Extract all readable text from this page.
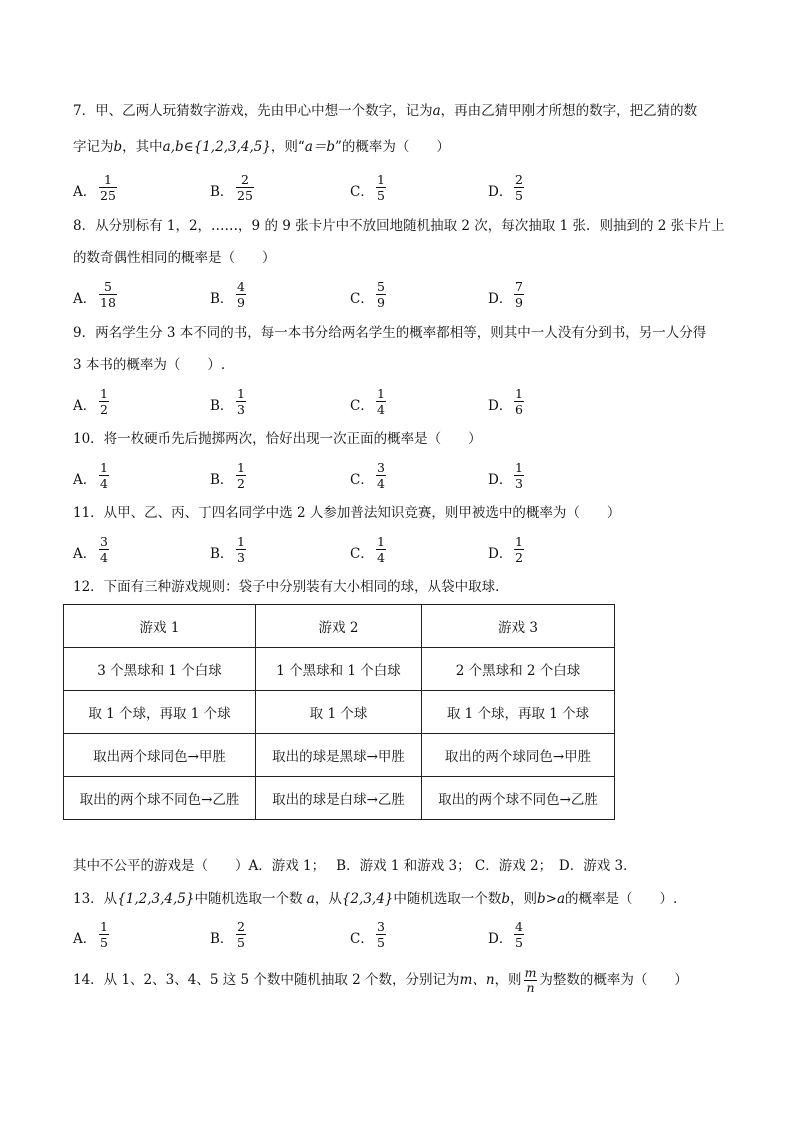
7．甲、乙两人玩猜数字游戏，先由甲心中想一个数字，记为a，再由乙猜甲刚才所想的数字，把乙猜的数
字记为b，其中a,b∈{1,2,3,4,5}，则“a＝b”的概率为（　　）
A． $\frac{1}{25}$	B． $\frac{2}{25}$	C． $\frac{1}{5}$	D． $\frac{2}{5}$
8．从分别标有 1，2，……，9 的 9 张卡片中不放回地随机抽取 2 次，每次抽取 1 张．则抽到的 2 张卡片上
的数奇偶性相同的概率是（　　）
A． $\frac{5}{18}$	B． $\frac{4}{9}$	C． $\frac{5}{9}$	D． $\frac{7}{9}$
9．两名学生分 3 本不同的书，每一本书分给两名学生的概率都相等，则其中一人没有分到书，另一人分得
3 本书的概率为（　　）.
A． $\frac{1}{2}$	B． $\frac{1}{3}$	C． $\frac{1}{4}$	D． $\frac{1}{6}$
10．将一枚硬币先后抛掷两次，恰好出现一次正面的概率是（　　）
A． $\frac{1}{4}$	B． $\frac{1}{2}$	C． $\frac{3}{4}$	D． $\frac{1}{3}$
11．从甲、乙、丙、丁四名同学中选 2 人参加普法知识竞赛，则甲被选中的概率为（　　）
A． $\frac{3}{4}$	B． $\frac{1}{3}$	C． $\frac{1}{4}$	D． $\frac{1}{2}$
12．下面有三种游戏规则：袋子中分别装有大小相同的球，从袋中取球．
游戏 1	游戏 2	游戏 3
3 个黑球和 1 个白球	1 个黑球和 1 个白球	2 个黑球和 2 个白球
取 1 个球，再取 1 个球	取 1 个球	取 1 个球，再取 1 个球
取出两个球同色→甲胜	取出的球是黑球→甲胜	取出的两个球同色→甲胜
取出的两个球不同色→乙胜	取出的球是白球→乙胜	取出的两个球不同色→乙胜
其中不公平的游戏是（　　）A．游戏 1；　 B．游戏 1 和游戏 3； C．游戏 2；　D．游戏 3．
13．从{1,2,3,4,5}中随机选取一个数 a，从{2,3,4}中随机选取一个数b，则b>a的概率是（　　）.
A． $\frac{1}{5}$	B． $\frac{2}{5}$	C． $\frac{3}{5}$	D． $\frac{4}{5}$
14．从 1、2、3、4、5 这 5 个数中随机抽取 2 个数，分别记为m、n，则 $\frac{m}{n}$ 为整数的概率为（　　）
